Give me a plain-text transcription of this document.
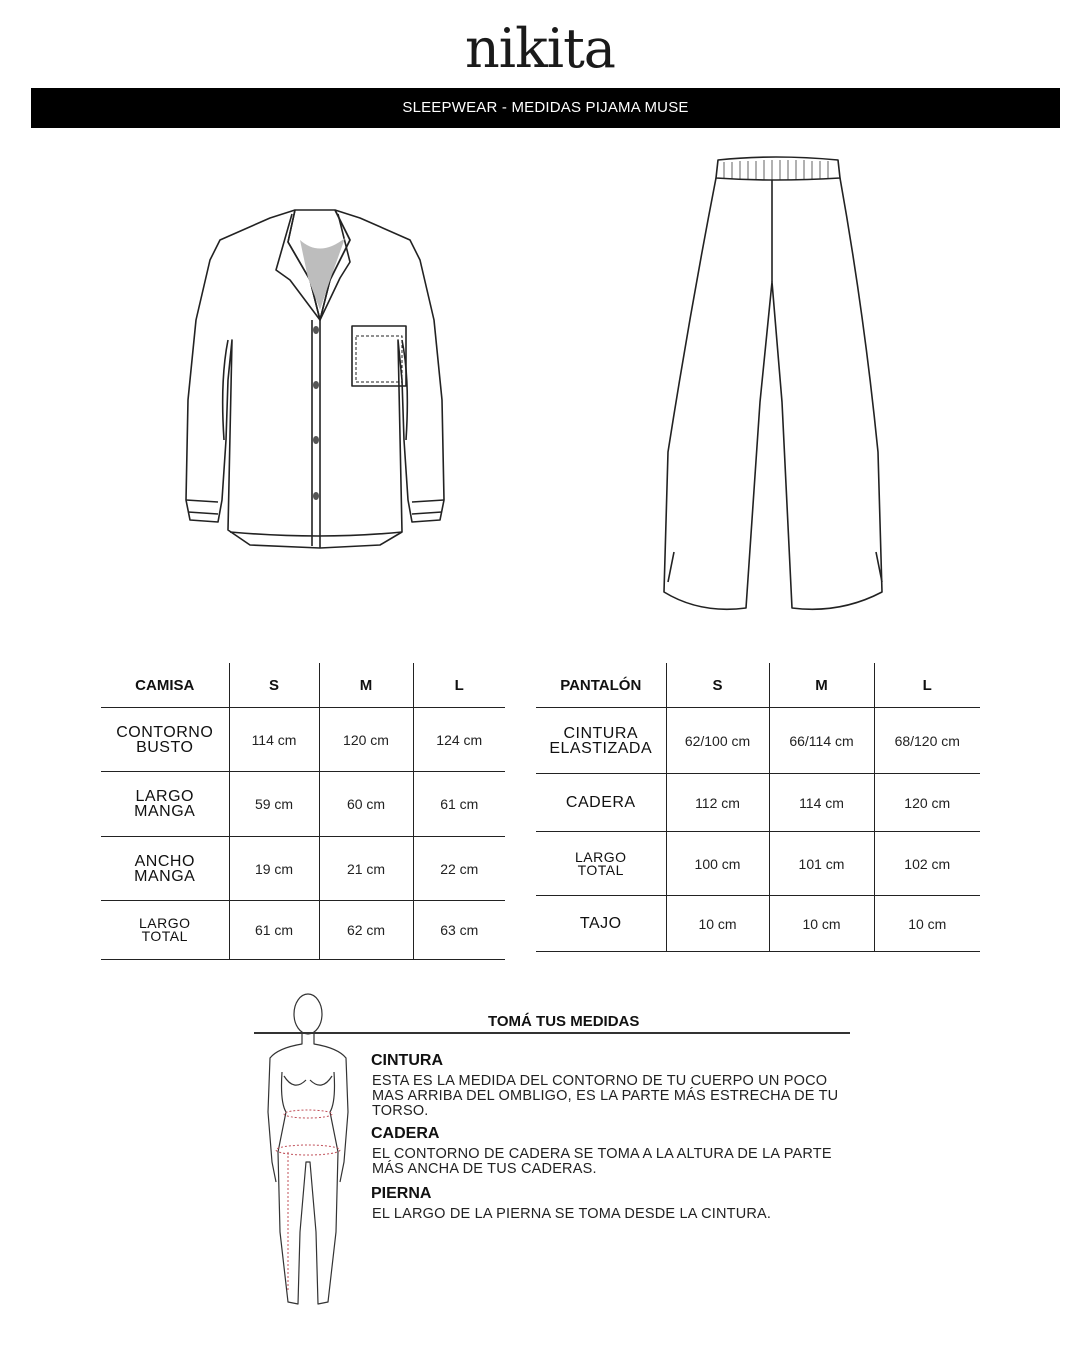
nikita
SLEEPWEAR - MEDIDAS PIJAMA MUSE
CAMISA	S	M	L

CONTORNO
BUSTO	114 cm	120 cm	124 cm

LARGO
MANGA	59 cm	60 cm	61 cm

ANCHO
MANGA	19 cm	21 cm	22 cm

LARGO
TOTAL	61 cm	62 cm	63 cm
PANTALÓN	S	M	L

CINTURA
ELASTIZADA	62/100 cm	66/114 cm	68/120 cm

CADERA	112 cm	114 cm	120 cm

LARGO
TOTAL	100 cm	101 cm	102 cm

TAJO	10 cm	10 cm	10 cm
TOMÁ TUS MEDIDAS
CINTURA
ESTA ES LA MEDIDA DEL CONTORNO DE TU CUERPO UN POCO MAS ARRIBA DEL OMBLIGO, ES LA PARTE MÁS ESTRECHA DE TU TORSO.
CADERA
EL CONTORNO DE CADERA SE TOMA A LA ALTURA DE LA PARTE MÁS ANCHA DE TUS CADERAS.
PIERNA
EL LARGO DE LA PIERNA SE TOMA DESDE LA CINTURA.
